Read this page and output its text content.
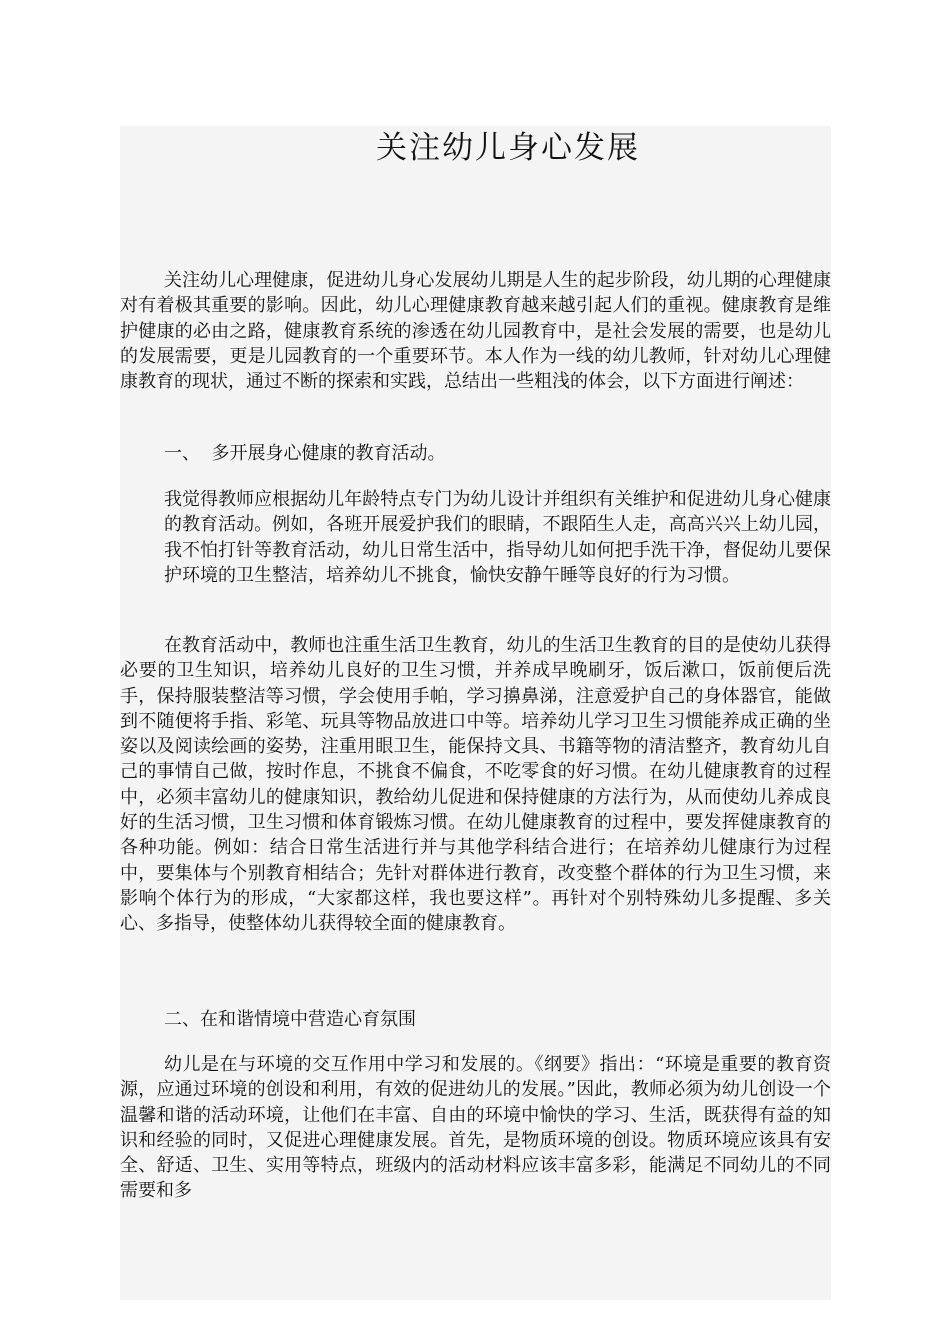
关注幼儿身心发展

关注幼儿心理健康，促进幼儿身心发展幼儿期是人生的起步阶段，幼儿期的心理健康对有着极其重要的影响。因此，幼儿心理健康教育越来越引起人们的重视。健康教育是维护健康的必由之路，健康教育系统的渗透在幼儿园教育中，是社会发展的需要，也是幼儿的发展需要，更是儿园教育的一个重要环节。本人作为一线的幼儿教师，针对幼儿心理健康教育的现状，通过不断的探索和实践，总结出一些粗浅的体会，以下方面进行阐述：

一、  多开展身心健康的教育活动。

我觉得教师应根据幼儿年龄特点专门为幼儿设计并组织有关维护和促进幼儿身心健康的教育活动。例如，各班开展爱护我们的眼睛，不跟陌生人走，高高兴兴上幼儿园，我不怕打针等教育活动，幼儿日常生活中，指导幼儿如何把手洗干净，督促幼儿要保护环境的卫生整洁，培养幼儿不挑食，愉快安静午睡等良好的行为习惯。

在教育活动中，教师也注重生活卫生教育，幼儿的生活卫生教育的目的是使幼儿获得必要的卫生知识，培养幼儿良好的卫生习惯，并养成早晚刷牙，饭后漱口，饭前便后洗手，保持服装整洁等习惯，学会使用手帕，学习擤鼻涕，注意爱护自己的身体器官，能做到不随便将手指、彩笔、玩具等物品放进口中等。培养幼儿学习卫生习惯能养成正确的坐姿以及阅读绘画的姿势，注重用眼卫生，能保持文具、书籍等物的清洁整齐，教育幼儿自己的事情自己做，按时作息，不挑食不偏食，不吃零食的好习惯。在幼儿健康教育的过程中，必须丰富幼儿的健康知识，教给幼儿促进和保持健康的方法行为，从而使幼儿养成良好的生活习惯，卫生习惯和体育锻炼习惯。在幼儿健康教育的过程中，要发挥健康教育的各种功能。例如：结合日常生活进行并与其他学科结合进行；在培养幼儿健康行为过程中，要集体与个别教育相结合；先针对群体进行教育，改变整个群体的行为卫生习惯，来影响个体行为的形成，“大家都这样，我也要这样”。再针对个别特殊幼儿多提醒、多关心、多指导，使整体幼儿获得较全面的健康教育。

二、在和谐情境中营造心育氛围

幼儿是在与环境的交互作用中学习和发展的。《纲要》指出：“环境是重要的教育资源，应通过环境的创设和利用，有效的促进幼儿的发展。”因此，教师必须为幼儿创设一个温馨和谐的活动环境，让他们在丰富、自由的环境中愉快的学习、生活，既获得有益的知识和经验的同时，又促进心理健康发展。首先，是物质环境的创设。物质环境应该具有安全、舒适、卫生、实用等特点，班级内的活动材料应该丰富多彩，能满足不同幼儿的不同需要和多
